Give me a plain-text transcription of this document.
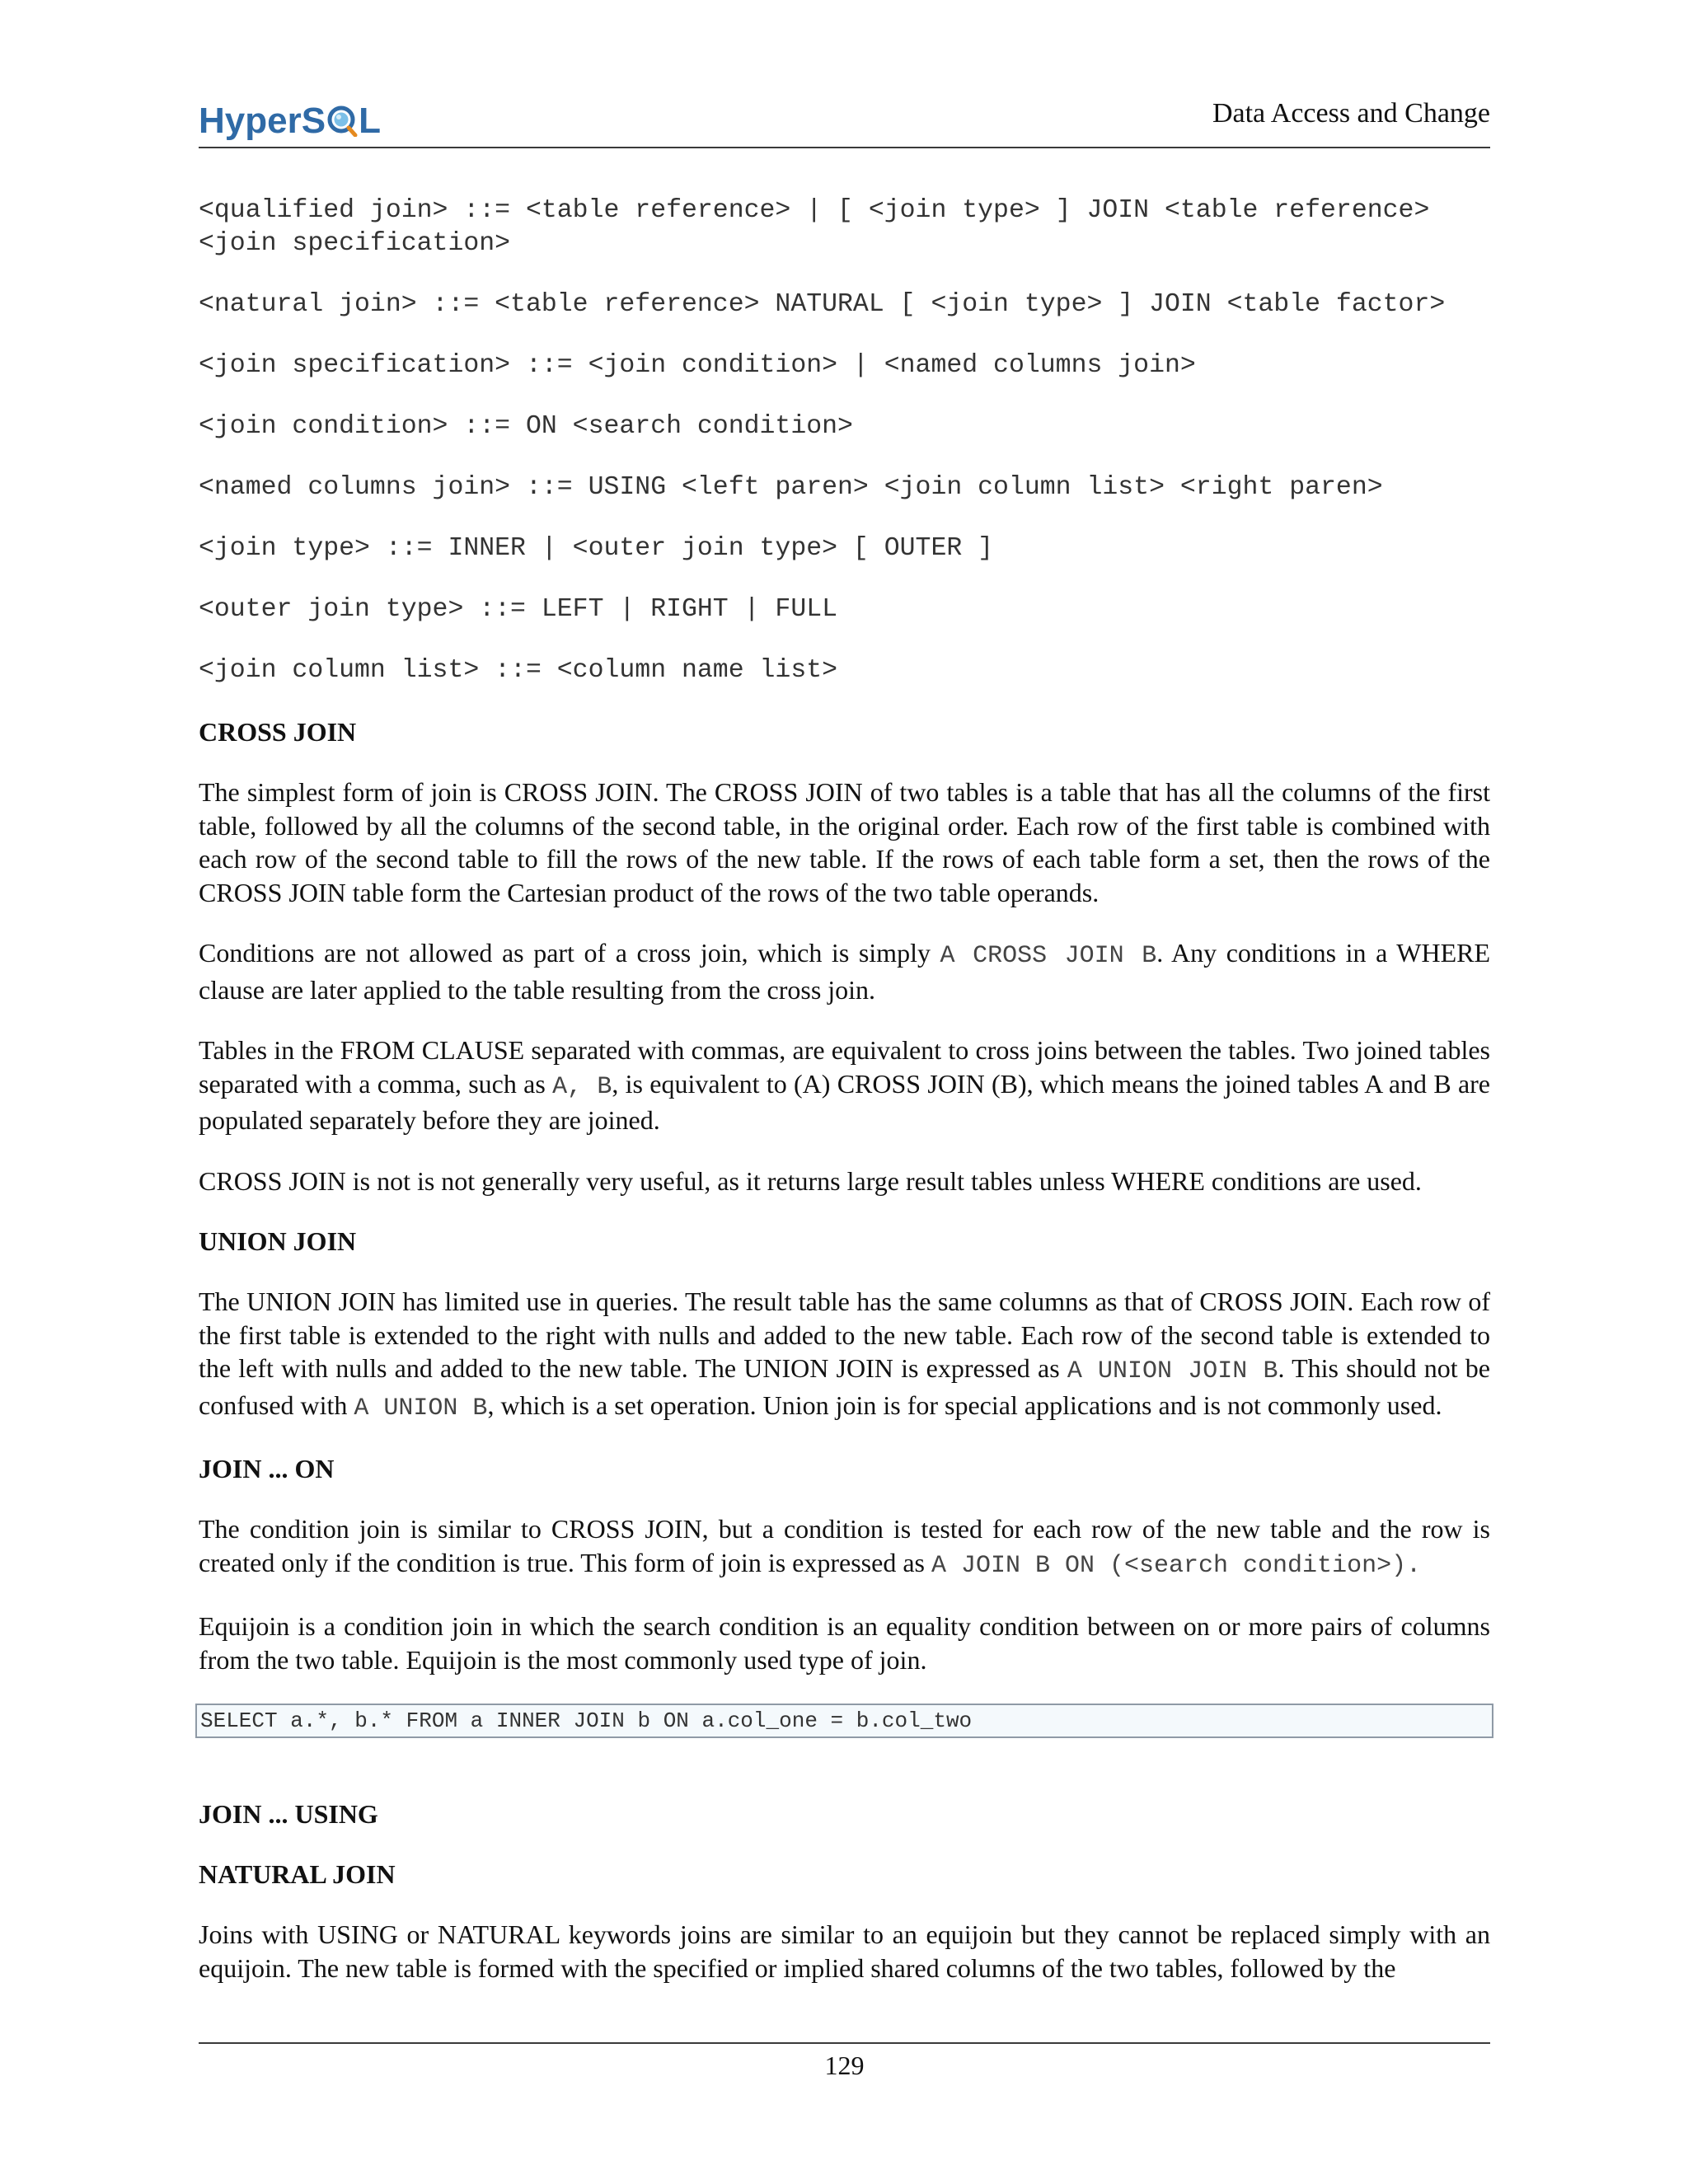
HyperS L	Data Access and Change
<qualified join> ::= <table reference> | [ <join type> ] JOIN <table reference> <join specification>
<natural join> ::= <table reference> NATURAL [ <join type> ] JOIN <table factor>
<join specification> ::= <join condition> | <named columns join>
<join condition> ::= ON <search condition>
<named columns join> ::= USING <left paren> <join column list> <right paren>
<join type> ::= INNER | <outer join type> [ OUTER ]
<outer join type> ::= LEFT | RIGHT | FULL
<join column list> ::= <column name list>
CROSS JOIN

The simplest form of join is CROSS JOIN. The CROSS JOIN of two tables is a table that has all the columns of the first table, followed by all the columns of the second table, in the original order. Each row of the first table is combined with each row of the second table to fill the rows of the new table. If the rows of each table form a set, then the rows of the CROSS JOIN table form the Cartesian product of the rows of the two table operands.

Conditions are not allowed as part of a cross join, which is simply A CROSS JOIN B. Any conditions in a WHERE clause are later applied to the table resulting from the cross join.

Tables in the FROM CLAUSE separated with commas, are equivalent to cross joins between the tables. Two joined tables separated with a comma, such as A, B, is equivalent to (A) CROSS JOIN (B), which means the joined tables A and B are populated separately before they are joined.

CROSS JOIN is not is not generally very useful, as it returns large result tables unless WHERE conditions are used.

UNION JOIN

The UNION JOIN has limited use in queries. The result table has the same columns as that of CROSS JOIN. Each row of the first table is extended to the right with nulls and added to the new table. Each row of the second table is extended to the left with nulls and added to the new table. The UNION JOIN is expressed as A UNION JOIN B. This should not be confused with A UNION B, which is a set operation. Union join is for special applications and is not commonly used.

JOIN ... ON

The condition join is similar to CROSS JOIN, but a condition is tested for each row of the new table and the row is created only if the condition is true. This form of join is expressed as A JOIN B ON (<search condition>).

Equijoin is a condition join in which the search condition is an equality condition between on or more pairs of columns from the two table. Equijoin is the most commonly used type of join.

SELECT a.*, b.* FROM a INNER JOIN b ON a.col_one = b.col_two
JOIN ... USING
NATURAL JOIN

Joins with USING or NATURAL keywords joins are similar to an equijoin but they cannot be replaced simply with an equijoin. The new table is formed with the specified or implied shared columns of the two tables, followed by the

129
